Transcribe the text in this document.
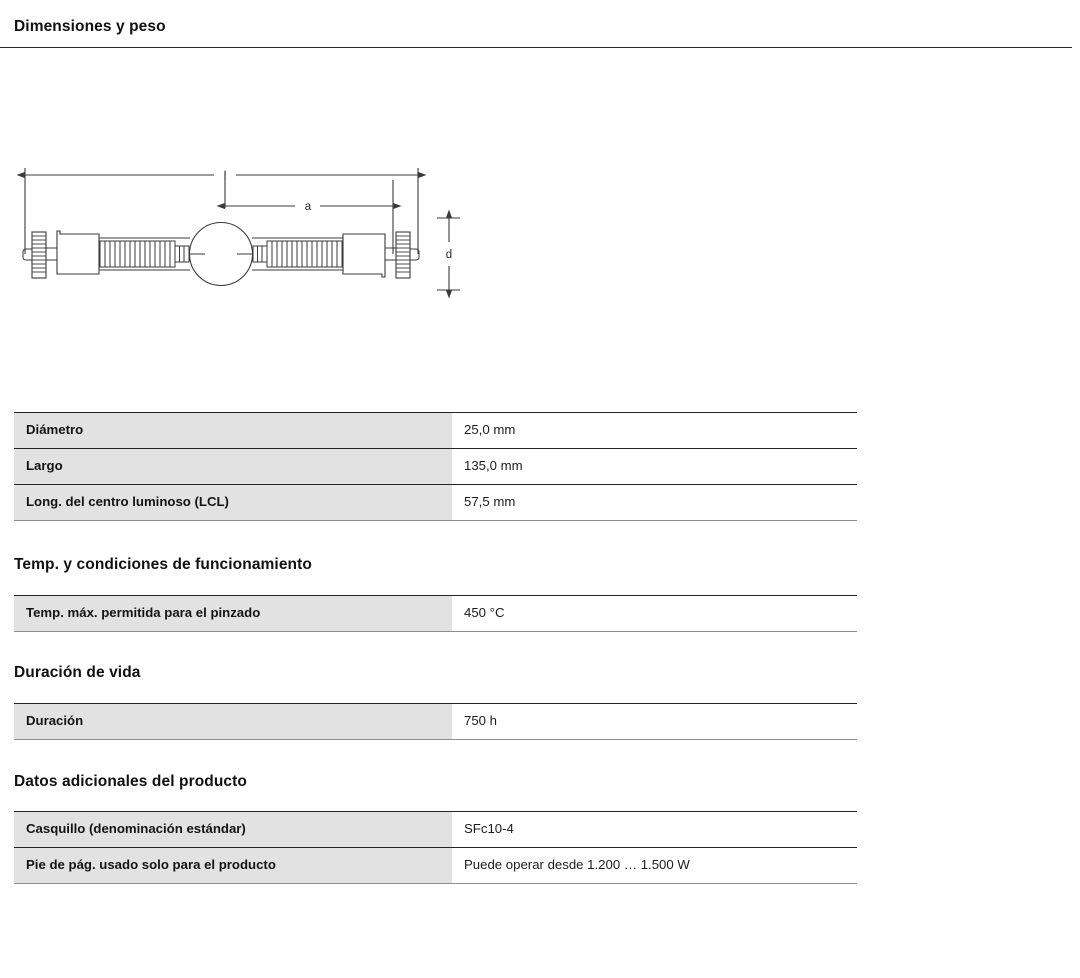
Dimensiones y peso
l
a
d
Diámetro	25,0 mm
Largo	135,0 mm
Long. del centro luminoso (LCL)	57,5 mm
Temp. y condiciones de funcionamiento
Temp. máx. permitida para el pinzado	450 °C
Duración de vida
Duración	750 h
Datos adicionales del producto
Casquillo (denominación estándar)	SFc10-4
Pie de pág. usado solo para el producto	Puede operar desde 1.200 … 1.500 W
